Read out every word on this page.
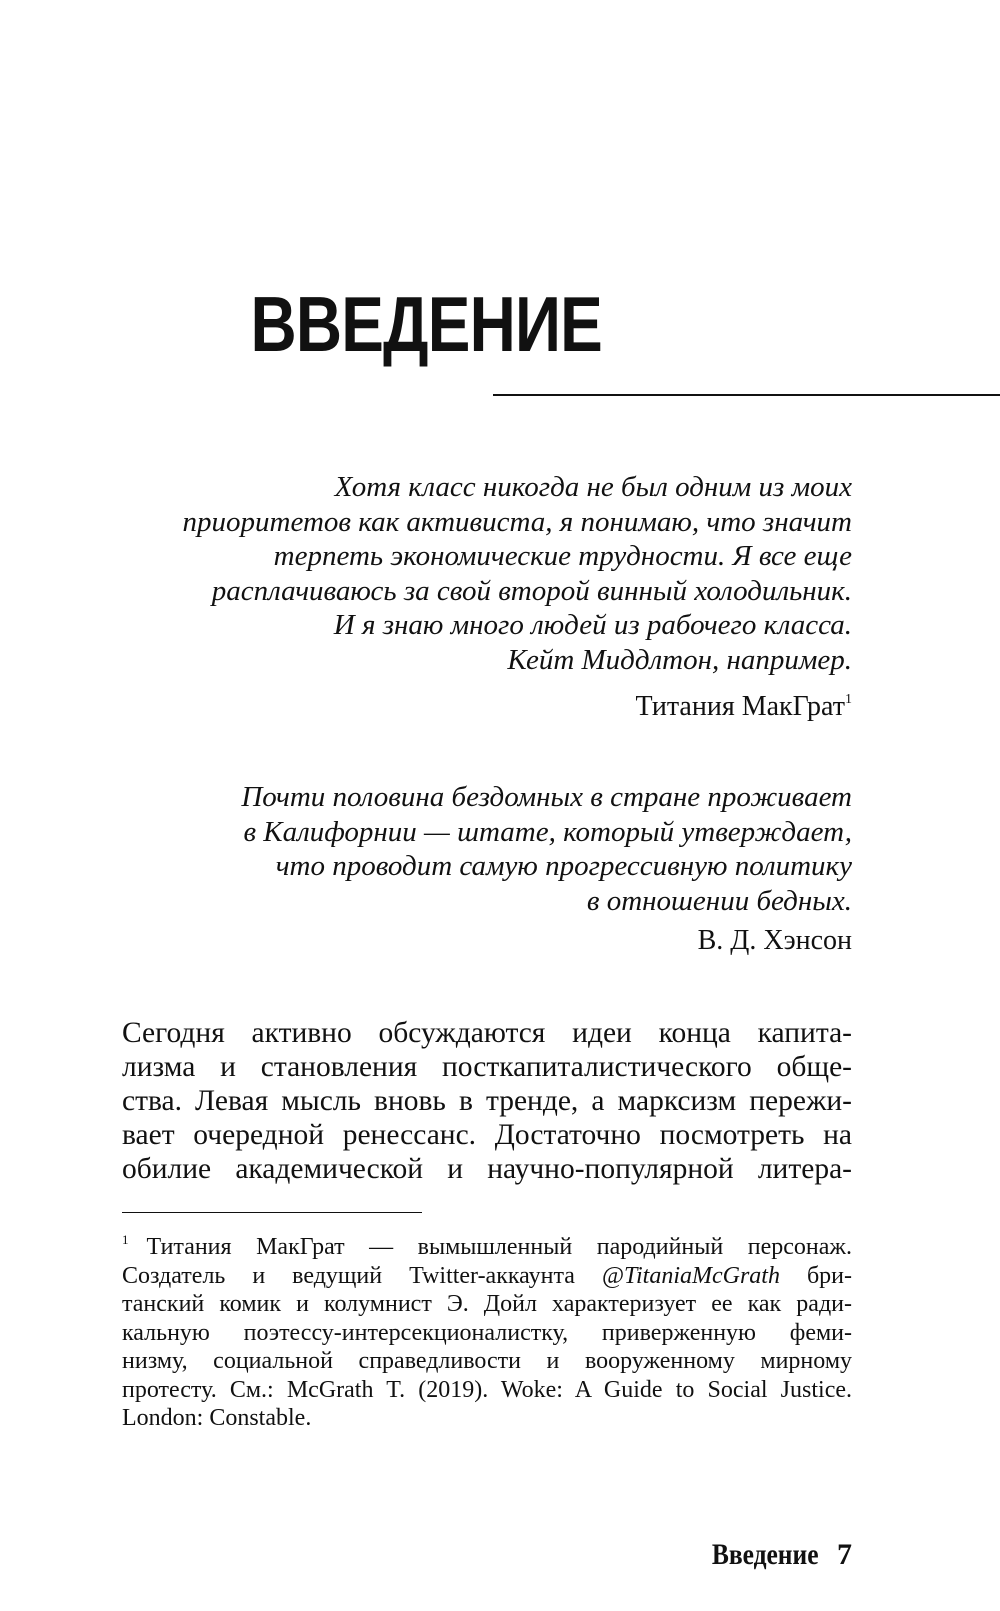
ВВЕДЕНИЕ

Хотя класс никогда не был одним из моих
приоритетов как активиста, я понимаю, что значит
терпеть экономические трудности. Я все еще
расплачиваюсь за свой второй винный холодильник.
И я знаю много людей из рабочего класса.
Кейт Миддлтон, например.

Титания МакГрат$^1$

Почти половина бездомных в стране проживает
в Калифорнии — штате, который утверждает,
что проводит самую прогрессивную политику
в отношении бедных.

В. Д. Хэнсон
Сегодня активно обсуждаются идеи конца капита-
лизма и становления посткапиталистического обще-
ства. Левая мысль вновь в тренде, а марксизм пережи-
вает очередной ренессанс. Достаточно посмотреть на
обилие академической и научно-популярной литера-
$^1$ Титания МакГрат — вымышленный пародийный персонаж.
Создатель и ведущий Twitter-аккаунта @TitaniaMcGrath бри-
танский комик и колумнист Э. Дойл характеризует ее как ради-
кальную поэтессу-интерсекционалистку, приверженную феми-
низму, социальной справедливости и вооруженному мирному
протесту. См.: McGrath T. (2019). Woke: A Guide to Social Justice.
London: Constable.
Введение 7
